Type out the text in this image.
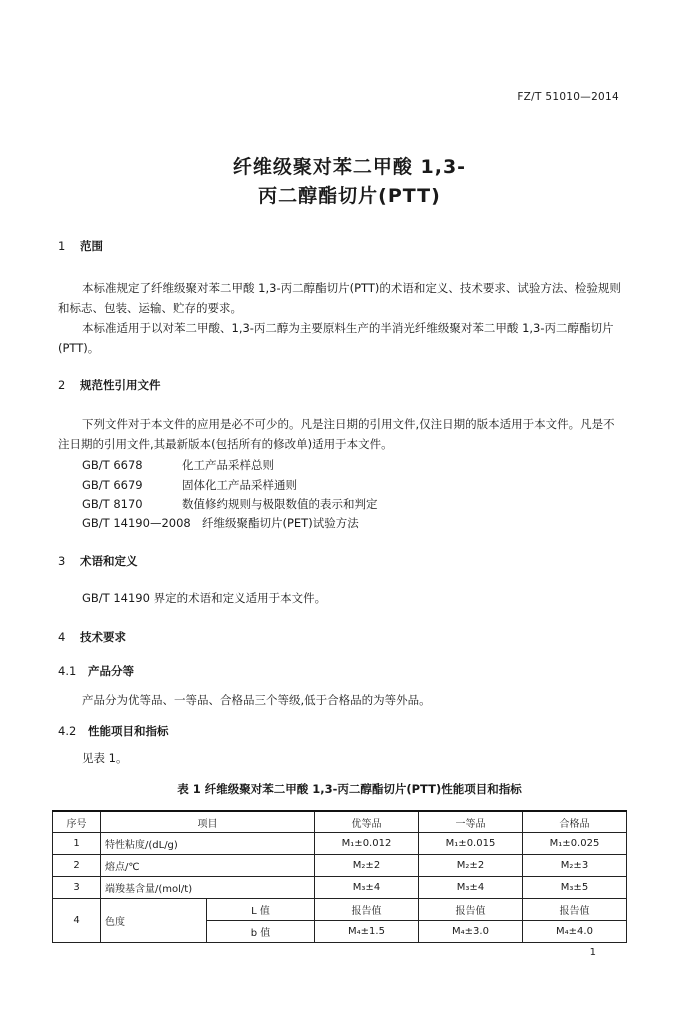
FZ/T 51010—2014
纤维级聚对苯二甲酸 1,3-
丙二醇酯切片(PTT)
1 范围
本标准规定了纤维级聚对苯二甲酸 1,3-丙二醇酯切片(PTT)的术语和定义、技术要求、试验方法、检验规则和标志、包装、运输、贮存的要求。
本标准适用于以对苯二甲酸、1,3-丙二醇为主要原料生产的半消光纤维级聚对苯二甲酸 1,3-丙二醇酯切片(PTT)。
2 规范性引用文件
下列文件对于本文件的应用是必不可少的。凡是注日期的引用文件,仅注日期的版本适用于本文件。凡是不注日期的引用文件,其最新版本(包括所有的修改单)适用于本文件。
GB/T 6678	化工产品采样总则
GB/T 6679	固体化工产品采样通则
GB/T 8170	数值修约规则与极限数值的表示和判定
GB/T 14190—2008 纤维级聚酯切片(PET)试验方法
3 术语和定义
GB/T 14190 界定的术语和定义适用于本文件。
4 技术要求
4.1 产品分等
产品分为优等品、一等品、合格品三个等级,低于合格品的为等外品。
4.2 性能项目和指标
见表 1。
表 1 纤维级聚对苯二甲酸 1,3-丙二醇酯切片(PTT)性能项目和指标
序号	项目		优等品	一等品	合格品
1	特性粘度/(dL/g)		M₁±0.012	M₁±0.015	M₁±0.025
2	熔点/℃		M₂±2	M₂±2	M₂±3
3	端羧基含量/(mol/t)		M₃±4	M₃±4	M₃±5
4	色度	L 值	报告值	报告值	报告值
		b 值	M₄±1.5	M₄±3.0	M₄±4.0
1
